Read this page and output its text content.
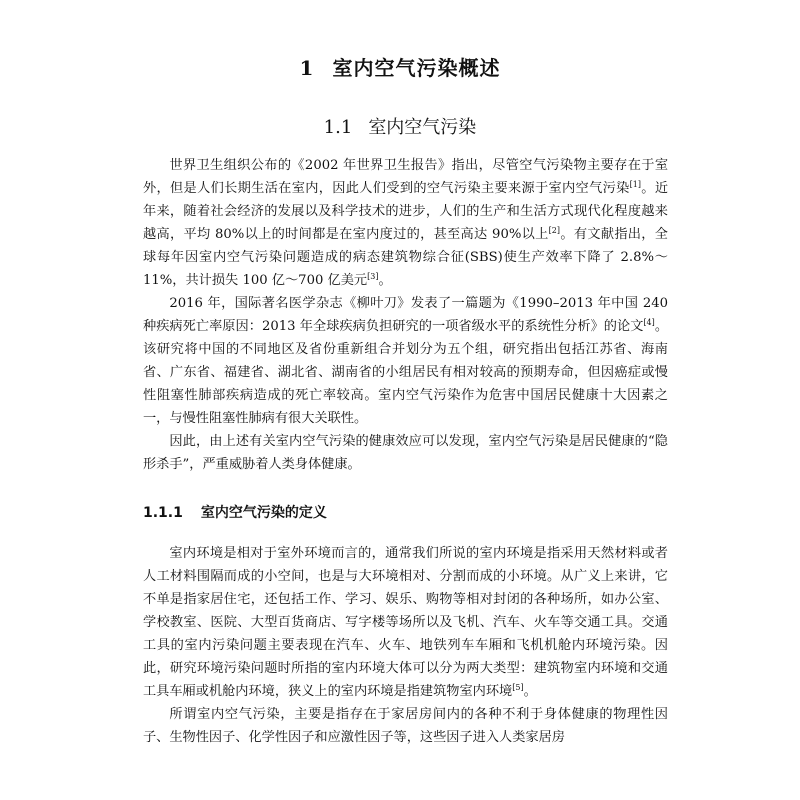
1 室内空气污染概述
1.1 室内空气污染

世界卫生组织公布的《2002 年世界卫生报告》指出，尽管空气污染物主要存在于室外，但是人们长期生活在室内，因此人们受到的空气污染主要来源于室内空气污染[1]。近年来，随着社会经济的发展以及科学技术的进步，人们的生产和生活方式现代化程度越来越高，平均 80%以上的时间都是在室内度过的，甚至高达 90%以上[2]。有文献指出，全球每年因室内空气污染问题造成的病态建筑物综合征(SBS)使生产效率下降了 2.8%～11%，共计损失 100 亿～700 亿美元[3]。

2016 年，国际著名医学杂志《柳叶刀》发表了一篇题为《1990–2013 年中国 240 种疾病死亡率原因：2013 年全球疾病负担研究的一项省级水平的系统性分析》的论文[4]。该研究将中国的不同地区及省份重新组合并划分为五个组，研究指出包括江苏省、海南省、广东省、福建省、湖北省、湖南省的小组居民有相对较高的预期寿命，但因癌症或慢性阻塞性肺部疾病造成的死亡率较高。室内空气污染作为危害中国居民健康十大因素之一，与慢性阻塞性肺病有很大关联性。

因此，由上述有关室内空气污染的健康效应可以发现，室内空气污染是居民健康的“隐形杀手”，严重威胁着人类身体健康。

1.1.1 室内空气污染的定义

室内环境是相对于室外环境而言的，通常我们所说的室内环境是指采用天然材料或者人工材料围隔而成的小空间，也是与大环境相对、分割而成的小环境。从广义上来讲，它不单是指家居住宅，还包括工作、学习、娱乐、购物等相对封闭的各种场所，如办公室、学校教室、医院、大型百货商店、写字楼等场所以及飞机、汽车、火车等交通工具。交通工具的室内污染问题主要表现在汽车、火车、地铁列车车厢和飞机机舱内环境污染。因此，研究环境污染问题时所指的室内环境大体可以分为两大类型：建筑物室内环境和交通工具车厢或机舱内环境，狭义上的室内环境是指建筑物室内环境[5]。

所谓室内空气污染，主要是指存在于家居房间内的各种不利于身体健康的物理性因子、生物性因子、化学性因子和应激性因子等，这些因子进入人类家居房
